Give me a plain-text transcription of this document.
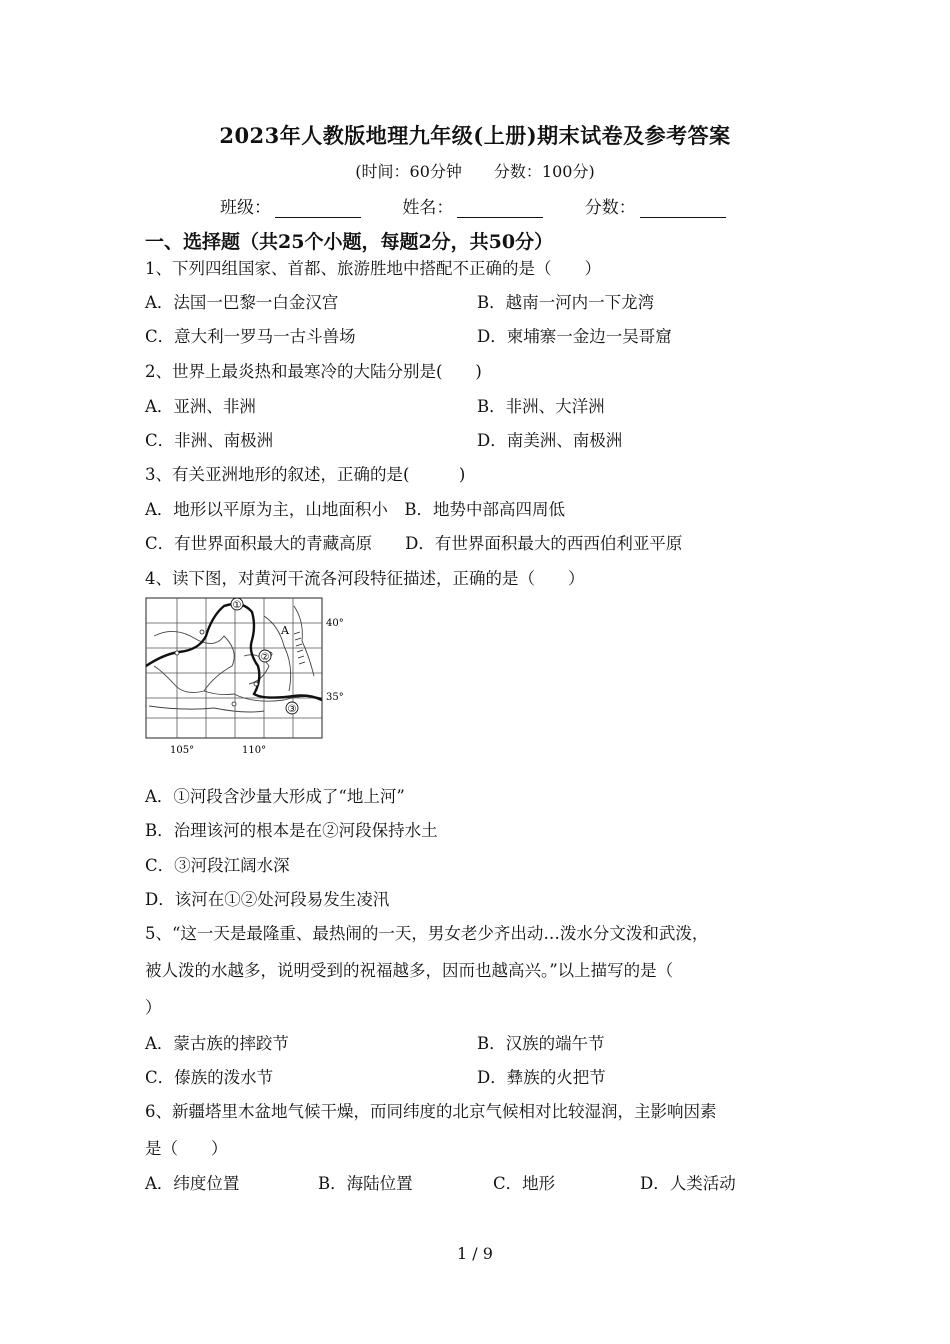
2023年人教版地理九年级(上册)期末试卷及参考答案
(时间：60分钟　　分数：100分)
班级：	姓名：	分数：
一、选择题（共25个小题，每题2分，共50分）
1、下列四组国家、首都、旅游胜地中搭配不正确的是（　　）
A．法国一巴黎一白金汉宫	B．越南一河内一下龙湾
C．意大利一罗马一古斗兽场	D．柬埔寨一金边一吴哥窟
2、世界上最炎热和最寒冷的大陆分别是(　　)
A．亚洲、非洲	B．非洲、大洋洲
C．非洲、南极洲	D．南美洲、南极洲
3、有关亚洲地形的叙述，正确的是(　　　)
A．地形以平原为主，山地面积小　B．地势中部高四周低
C．有世界面积最大的青藏高原　　D．有世界面积最大的西西伯利亚平原
4、读下图，对黄河干流各河段特征描述，正确的是（　　）
①
②
③
A
40°
35°
105°	110°
A．①河段含沙量大形成了“地上河”
B．治理该河的根本是在②河段保持水土
C．③河段江阔水深
D．该河在①②处河段易发生凌汛
5、“这一天是最隆重、最热闹的一天，男女老少齐出动…泼水分文泼和武泼，
被人泼的水越多，说明受到的祝福越多，因而也越高兴。”以上描写的是（
）
A．蒙古族的摔跤节	B．汉族的端午节
C．傣族的泼水节	D．彝族的火把节
6、新疆塔里木盆地气候干燥，而同纬度的北京气候相对比较湿润，主影响因素
是（　　）
A．纬度位置	B．海陆位置	C．地形	D．人类活动
1 / 9
